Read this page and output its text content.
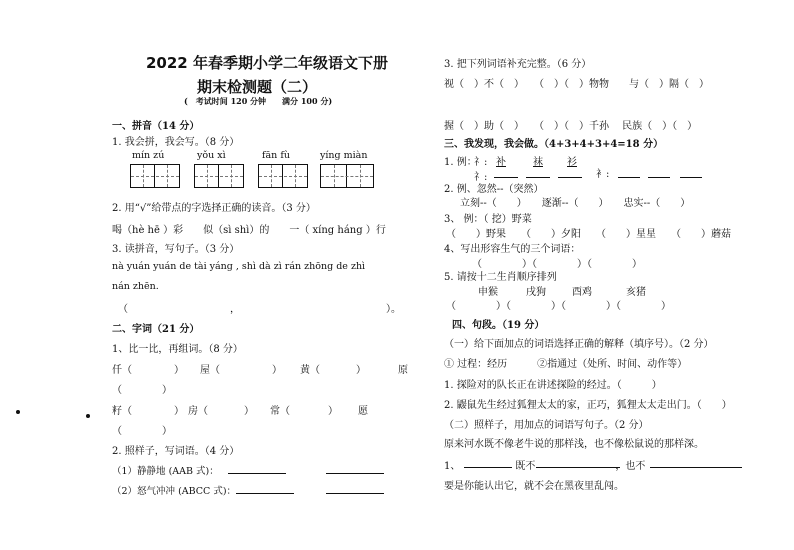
2022 年春季期小学二年级语文下册
期末检测题（二）
(　考试时间 120 分钟　　满分 100 分)
一、拼音（14 分）
1. 我会拼，我会写。（8 分）
mín zú	yǒu xì	fān fù	yíng miàn
2. 用“√”给带点的字选择正确的读音。（3 分）
喝（hè hē ）彩　　似（sì shì）的　　一（ xíng háng ）行
3. 读拼音，写句子。（3 分）
nà yuán yuán de tài yáng , shì dà zì rán zhōng de zhì
nán zhēn.
（	，	）。
二、字词（21 分）
1、比一比，再组词。（8 分）
仟（	） 屋（	） 黄（	）	原
（　　　　）
籽（	） 房（	） 常（	） 愿
（　　　　）
2. 照样子，写词语。（4 分）
（1）静静地 (AAB 式)：
（2）怒气冲冲 (ABCC 式)：
3. 把下列词语补充完整。（6 分）
视（　）不（　）　　（　）（　）物物　　与（　）隔（　）
握（　）助（　）　　（　）（　）千孙　 民族（　）（　）
三、我发现，我会做。（4+3+4+3+4=18 分）
1. 例：
礻: 补	袜 衫
礻:	衤:
2. 例、忽然--（突然）
立刻--（　　）　　逐渐--（　　）　　忠实--（　　）
3、 例：（ 挖）野菜
（　　）野果　　（　　）夕阳　　（　　）星星　　（　　）蘑菇
4、写出形容生气的三个词语：
（　　　　）（　　　　）（　　　　）
5. 请按十二生肖顺序排列
申猴	戌狗	酉鸡	亥猪
（　　　　）（　　　　）（　　　　）（　　　　）
四、句段。（19 分）
（一）给下面加点的词语选择正确的解释（填序号）。（2 分）
① 过程：经历　　　②指通过（处所、时间、动作等）
1. 探险对的队长正在讲述探险的经过。（　　　）
2. 鼹鼠先生经过狐狸太太的家，正巧，狐狸太太走出门。（　　）
（二）照样子，用加点的词语写句子。（2 分）
原来河水既不像老牛说的那样浅，也不像松鼠说的那样深。
1、　　　　　　既不　　　　　　　　，也不
要是你能认出它，就不会在黑夜里乱闯。
